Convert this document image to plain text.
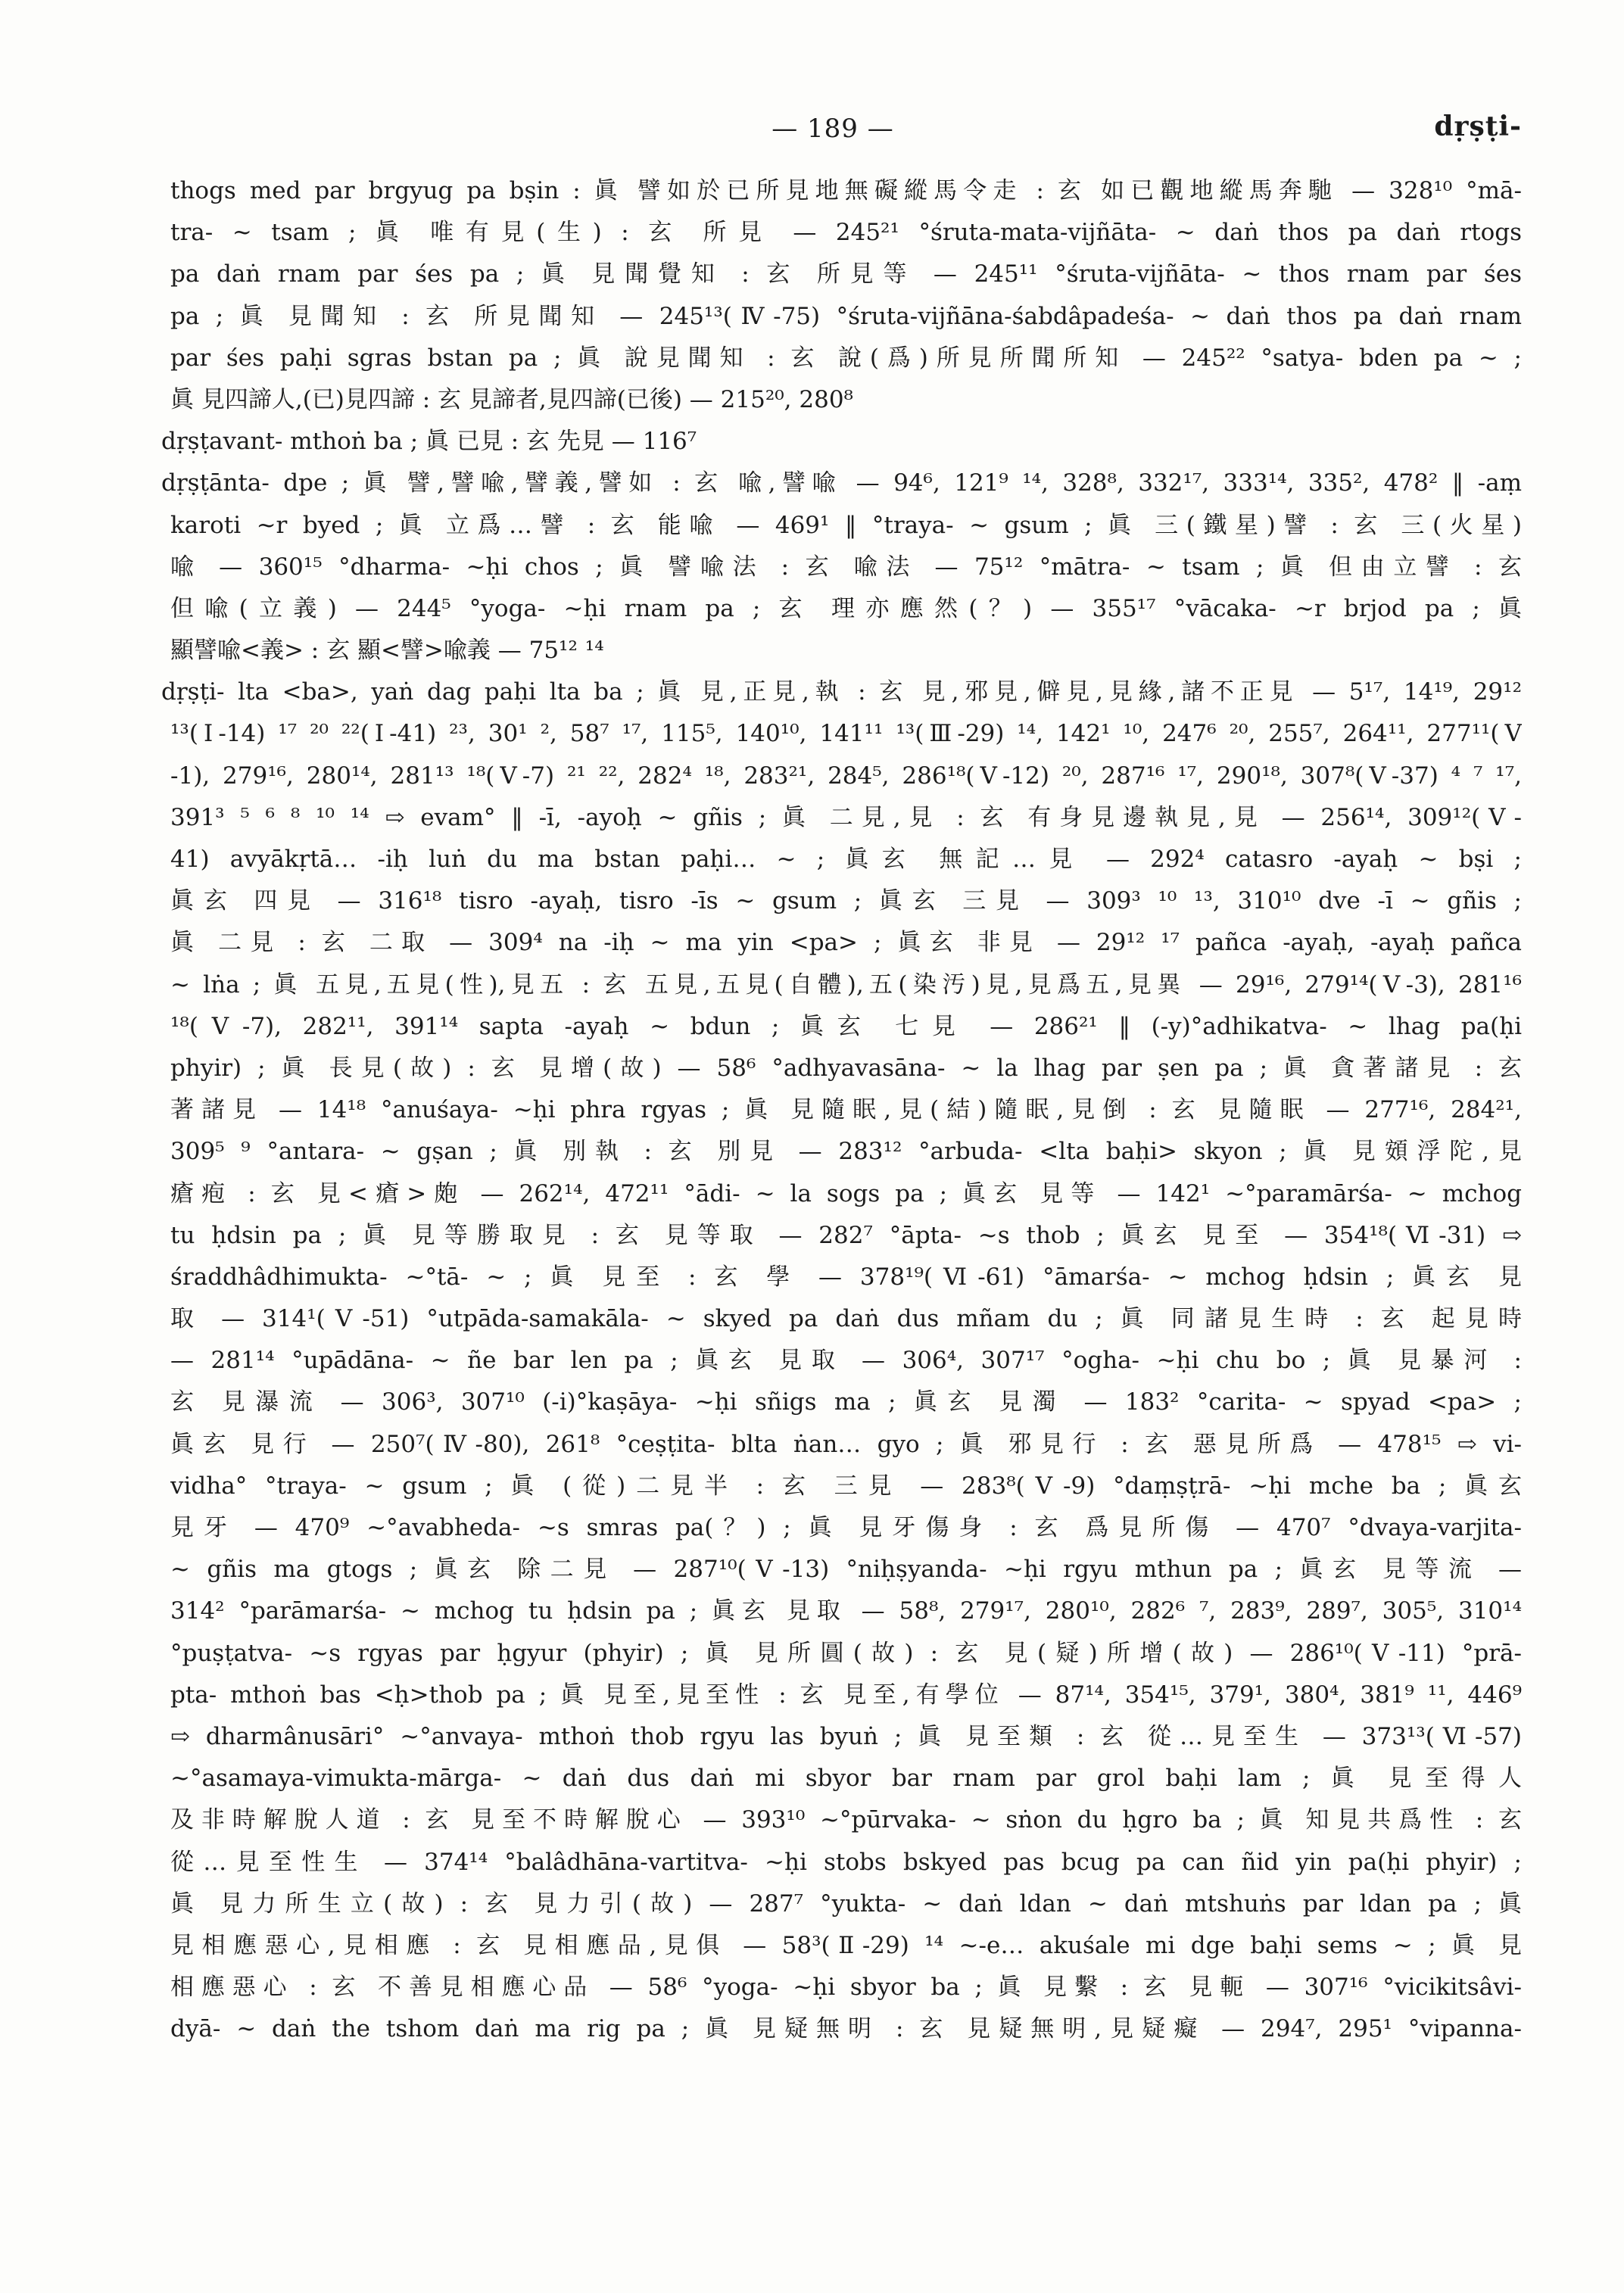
— 189 —	dṛṣṭi-
thogs med par brgyug pa bṣin : 眞 譬如於已所見地無礙縱馬令走 : 玄 如已觀地縱馬奔馳 — 328¹⁰ °mā-
tra- ~ tsam ; 眞 唯有見(生) : 玄 所見 — 245²¹ °śruta-mata-vijñāta- ~ daṅ thos pa daṅ rtogs
pa daṅ rnam par śes pa ; 眞 見聞覺知 : 玄 所見等 — 245¹¹ °śruta-vijñāta- ~ thos rnam par śes
pa ; 眞 見聞知 : 玄 所見聞知 — 245¹³(Ⅳ-75) °śruta-vijñāna-śabdâpadeśa- ~ daṅ thos pa daṅ rnam
par śes paḥi sgras bstan pa ; 眞 說見聞知 : 玄 說(爲)所見所聞所知 — 245²² °satya- bden pa ~ ;
眞 見四諦人,(已)見四諦 : 玄 見諦者,見四諦(已後) — 215²⁰, 280⁸
dṛṣṭavant- mthoṅ ba ; 眞 已見 : 玄 先見 — 116⁷
dṛṣṭānta- dpe ; 眞 譬,譬喩,譬義,譬如 : 玄 喩,譬喩 — 94⁶, 121⁹ ¹⁴, 328⁸, 332¹⁷, 333¹⁴, 335², 478² ‖ -aṃ
karoti ~r byed ; 眞 立爲…譬 : 玄 能喩 — 469¹ ‖ °traya- ~ gsum ; 眞 三(鐵星)譬 : 玄 三(火星)
喩 — 360¹⁵ °dharma- ~ḥi chos ; 眞 譬喩法 : 玄 喩法 — 75¹² °mātra- ~ tsam ; 眞 但由立譬 : 玄
但喩(立義) — 244⁵ °yoga- ~ḥi rnam pa ; 玄 理亦應然(？) — 355¹⁷ °vācaka- ~r brjod pa ; 眞
顯譬喩<義> : 玄 顯<譬>喩義 — 75¹² ¹⁴
dṛṣṭi- lta <ba>, yaṅ dag paḥi lta ba ; 眞 見,正見,執 : 玄 見,邪見,僻見,見緣,諸不正見 — 5¹⁷, 14¹⁹, 29¹²
¹³(Ⅰ-14) ¹⁷ ²⁰ ²²(Ⅰ-41) ²³, 30¹ ², 58⁷ ¹⁷, 115⁵, 140¹⁰, 141¹¹ ¹³(Ⅲ-29) ¹⁴, 142¹ ¹⁰, 247⁶ ²⁰, 255⁷, 264¹¹, 277¹¹(Ⅴ
-1), 279¹⁶, 280¹⁴, 281¹³ ¹⁸(Ⅴ-7) ²¹ ²², 282⁴ ¹⁸, 283²¹, 284⁵, 286¹⁸(Ⅴ-12) ²⁰, 287¹⁶ ¹⁷, 290¹⁸, 307⁸(Ⅴ-37) ⁴ ⁷ ¹⁷,
391³ ⁵ ⁶ ⁸ ¹⁰ ¹⁴ ⇨ evam° ‖ -ī, -ayoḥ ~ gñis ; 眞 二見,見 : 玄 有身見邊執見,見 — 256¹⁴, 309¹²(Ⅴ-
41) avyākṛtā… -iḥ luṅ du ma bstan paḥi… ~ ; 眞玄 無記…見 — 292⁴ catasro -ayaḥ ~ bṣi ;
眞玄 四見 — 316¹⁸ tisro -ayaḥ, tisro -īs ~ gsum ; 眞玄 三見 — 309³ ¹⁰ ¹³, 310¹⁰ dve -ī ~ gñis ;
眞 二見 : 玄 二取 — 309⁴ na -iḥ ~ ma yin <pa> ; 眞玄 非見 — 29¹² ¹⁷ pañca -ayaḥ, -ayaḥ pañca
~ lṅa ; 眞 五見,五見(性),見五 : 玄 五見,五見(自體),五(染汚)見,見爲五,見異 — 29¹⁶, 279¹⁴(Ⅴ-3), 281¹⁶
¹⁸(Ⅴ-7), 282¹¹, 391¹⁴ sapta -ayaḥ ~ bdun ; 眞玄 七見 — 286²¹ ‖ (-y)°adhikatva- ~ lhag pa(ḥi
phyir) ; 眞 長見(故) : 玄 見增(故) — 58⁶ °adhyavasāna- ~ la lhag par ṣen pa ; 眞 貪著諸見 : 玄
著諸見 — 14¹⁸ °anuśaya- ~ḥi phra rgyas ; 眞 見隨眠,見(結)隨眠,見倒 : 玄 見隨眠 — 277¹⁶, 284²¹,
309⁵ ⁹ °antara- ~ gṣan ; 眞 別執 : 玄 別見 — 283¹² °arbuda- <lta baḥi> skyon ; 眞 見頞浮陀,見
瘡疱 : 玄 見<瘡>皰 — 262¹⁴, 472¹¹ °ādi- ~ la sogs pa ; 眞玄 見等 — 142¹ ~°paramārśa- ~ mchog
tu ḥdsin pa ; 眞 見等勝取見 : 玄 見等取 — 282⁷ °āpta- ~s thob ; 眞玄 見至 — 354¹⁸(Ⅵ-31) ⇨
śraddhâdhimukta- ~°tā- ~ ; 眞 見至 : 玄 學 — 378¹⁹(Ⅵ-61) °āmarśa- ~ mchog ḥdsin ; 眞玄 見
取 — 314¹(Ⅴ-51) °utpāda-samakāla- ~ skyed pa daṅ dus mñam du ; 眞 同諸見生時 : 玄 起見時
— 281¹⁴ °upādāna- ~ ñe bar len pa ; 眞玄 見取 — 306⁴, 307¹⁷ °ogha- ~ḥi chu bo ; 眞 見暴河 :
玄 見瀑流 — 306³, 307¹⁰ (-i)°kaṣāya- ~ḥi sñigs ma ; 眞玄 見濁 — 183² °carita- ~ spyad <pa> ;
眞玄 見行 — 250⁷(Ⅳ-80), 261⁸ °ceṣṭita- blta ṅan… gyo ; 眞 邪見行 : 玄 惡見所爲 — 478¹⁵ ⇨ vi-
vidha° °traya- ~ gsum ; 眞 (從)二見半 : 玄 三見 — 283⁸(Ⅴ-9) °daṃṣṭrā- ~ḥi mche ba ; 眞玄
見牙 — 470⁹ ~°avabheda- ~s smras pa(？) ; 眞 見牙傷身 : 玄 爲見所傷 — 470⁷ °dvaya-varjita-
~ gñis ma gtogs ; 眞玄 除二見 — 287¹⁰(Ⅴ-13) °niḥṣyanda- ~ḥi rgyu mthun pa ; 眞玄 見等流 —
314² °parāmarśa- ~ mchog tu ḥdsin pa ; 眞玄 見取 — 58⁸, 279¹⁷, 280¹⁰, 282⁶ ⁷, 283⁹, 289⁷, 305⁵, 310¹⁴
°puṣṭatva- ~s rgyas par ḥgyur (phyir) ; 眞 見所圓(故) : 玄 見(疑)所增(故) — 286¹⁰(Ⅴ-11) °prā-
pta- mthoṅ bas <ḥ>thob pa ; 眞 見至,見至性 : 玄 見至,有學位 — 87¹⁴, 354¹⁵, 379¹, 380⁴, 381⁹ ¹¹, 446⁹
⇨ dharmânusāri° ~°anvaya- mthoṅ thob rgyu las byuṅ ; 眞 見至類 : 玄 從…見至生 — 373¹³(Ⅵ-57)
~°asamaya-vimukta-mārga- ~ daṅ dus daṅ mi sbyor bar rnam par grol baḥi lam ; 眞 見至得人
及非時解脫人道 : 玄 見至不時解脫心 — 393¹⁰ ~°pūrvaka- ~ sṅon du ḥgro ba ; 眞 知見共爲性 : 玄
從…見至性生 — 374¹⁴ °balâdhāna-vartitva- ~ḥi stobs bskyed pas bcug pa can ñid yin pa(ḥi phyir) ;
眞 見力所生立(故) : 玄 見力引(故) — 287⁷ °yukta- ~ daṅ ldan ~ daṅ mtshuṅs par ldan pa ; 眞
見相應惡心,見相應 : 玄 見相應品,見俱 — 58³(Ⅱ-29) ¹⁴ ~-e… akuśale mi dge baḥi sems ~ ; 眞 見
相應惡心 : 玄 不善見相應心品 — 58⁶ °yoga- ~ḥi sbyor ba ; 眞 見繫 : 玄 見軛 — 307¹⁶ °vicikitsâvi-
dyā- ~ daṅ the tshom daṅ ma rig pa ; 眞 見疑無明 : 玄 見疑無明,見疑癡 — 294⁷, 295¹ °vipanna-
